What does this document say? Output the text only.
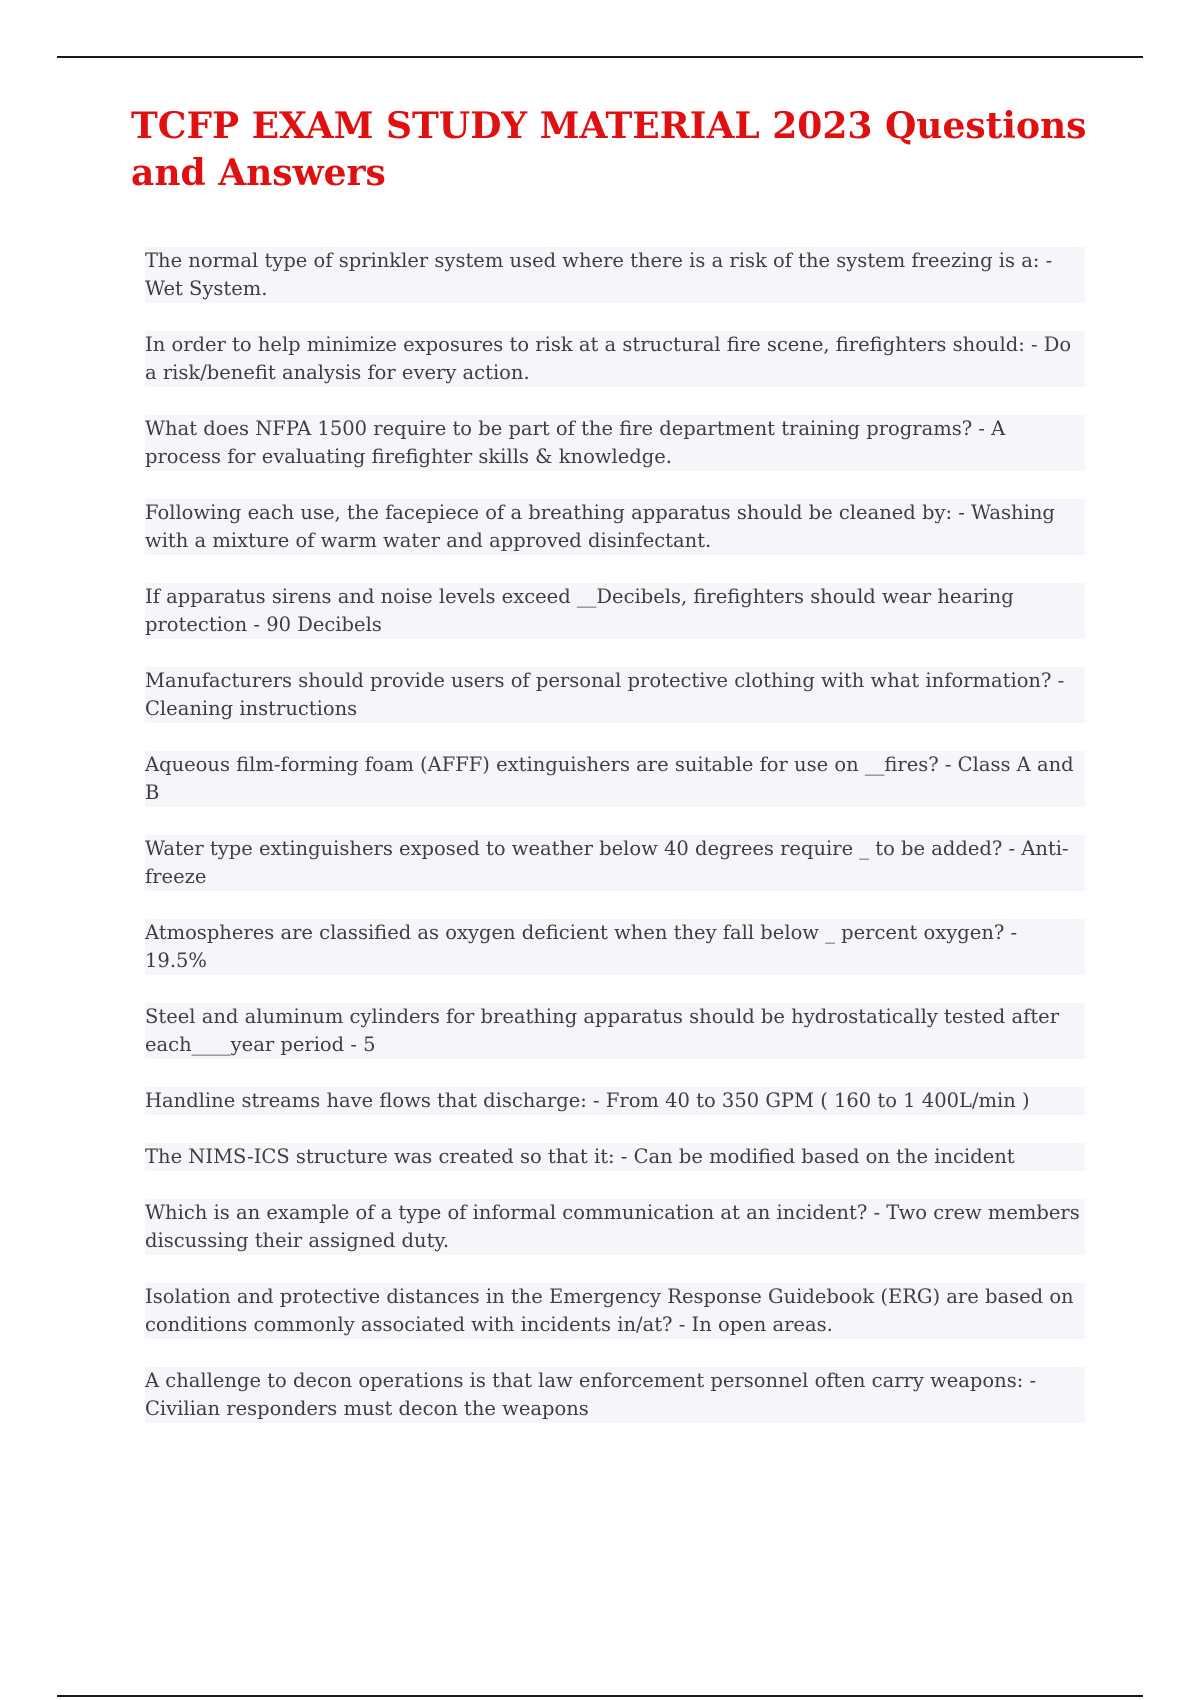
TCFP EXAM STUDY MATERIAL 2023 Questions and Answers
The normal type of sprinkler system used where there is a risk of the system freezing is a: - Wet System.
In order to help minimize exposures to risk at a structural fire scene, firefighters should: - Do a risk/benefit analysis for every action.
What does NFPA 1500 require to be part of the fire department training programs? - A process for evaluating firefighter skills & knowledge.
Following each use, the facepiece of a breathing apparatus should be cleaned by: - Washing with a mixture of warm water and approved disinfectant.
If apparatus sirens and noise levels exceed __Decibels, firefighters should wear hearing protection - 90 Decibels
Manufacturers should provide users of personal protective clothing with what information? - Cleaning instructions
Aqueous film-forming foam (AFFF) extinguishers are suitable for use on __fires? - Class A and B
Water type extinguishers exposed to weather below 40 degrees require _ to be added? - Anti-freeze
Atmospheres are classified as oxygen deficient when they fall below _ percent oxygen? - 19.5%
Steel and aluminum cylinders for breathing apparatus should be hydrostatically tested after each____year period - 5
Handline streams have flows that discharge: - From 40 to 350 GPM ( 160 to 1 400L/min )
The NIMS-ICS structure was created so that it: - Can be modified based on the incident
Which is an example of a type of informal communication at an incident? - Two crew members discussing their assigned duty.
Isolation and protective distances in the Emergency Response Guidebook (ERG) are based on conditions commonly associated with incidents in/at? - In open areas.
A challenge to decon operations is that law enforcement personnel often carry weapons: - Civilian responders must decon the weapons
